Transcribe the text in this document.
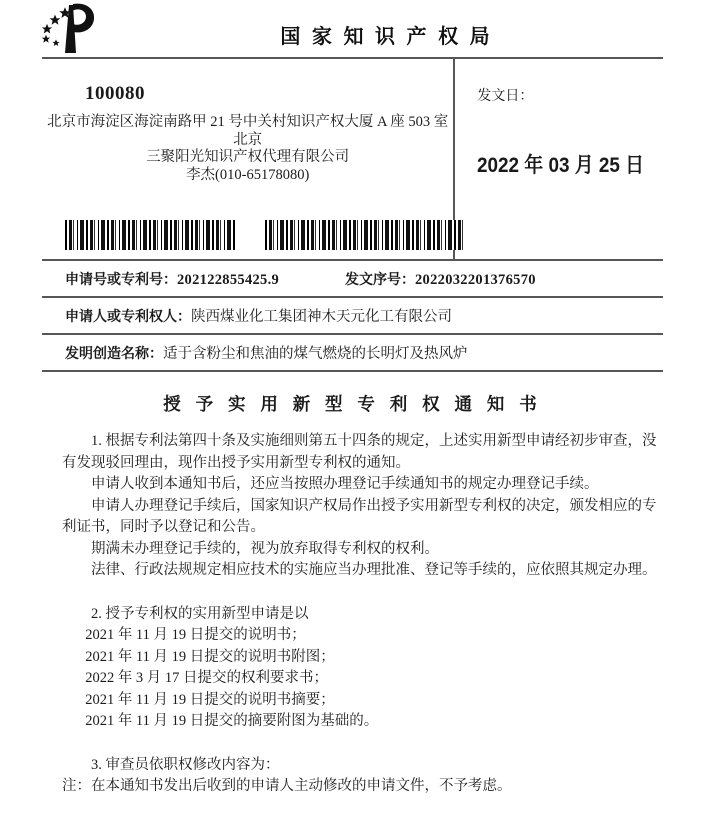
国 家 知 识 产 权 局
100080
北京市海淀区海淀南路甲 21 号中关村知识产权大厦 A 座 503 室 北京
三聚阳光知识产权代理有限公司
李杰(010-65178080)
发文日：
2022 年 03 月 25 日
申请号或专利号：202122855425.9	发文序号：2022032201376570
申请人或专利权人： 陕西煤业化工集团神木天元化工有限公司
发明创造名称： 适于含粉尘和焦油的煤气燃烧的长明灯及热风炉
授 予 实 用 新 型 专 利 权 通 知 书

1. 根据专利法第四十条及实施细则第五十四条的规定，上述实用新型申请经初步审查，没有发现驳回理由，现作出授予实用新型专利权的通知。

申请人收到本通知书后，还应当按照办理登记手续通知书的规定办理登记手续。

申请人办理登记手续后，国家知识产权局作出授予实用新型专利权的决定，颁发相应的专利证书，同时予以登记和公告。

期满未办理登记手续的，视为放弃取得专利权的权利。

法律、行政法规规定相应技术的实施应当办理批准、登记等手续的，应依照其规定办理。

2. 授予专利权的实用新型申请是以

2021 年 11 月 19 日提交的说明书；

2021 年 11 月 19 日提交的说明书附图；

2022 年 3 月 17 日提交的权利要求书；

2021 年 11 月 19 日提交的说明书摘要；

2021 年 11 月 19 日提交的摘要附图为基础的。

3. 审查员依职权修改内容为：

注：在本通知书发出后收到的申请人主动修改的申请文件，不予考虑。
